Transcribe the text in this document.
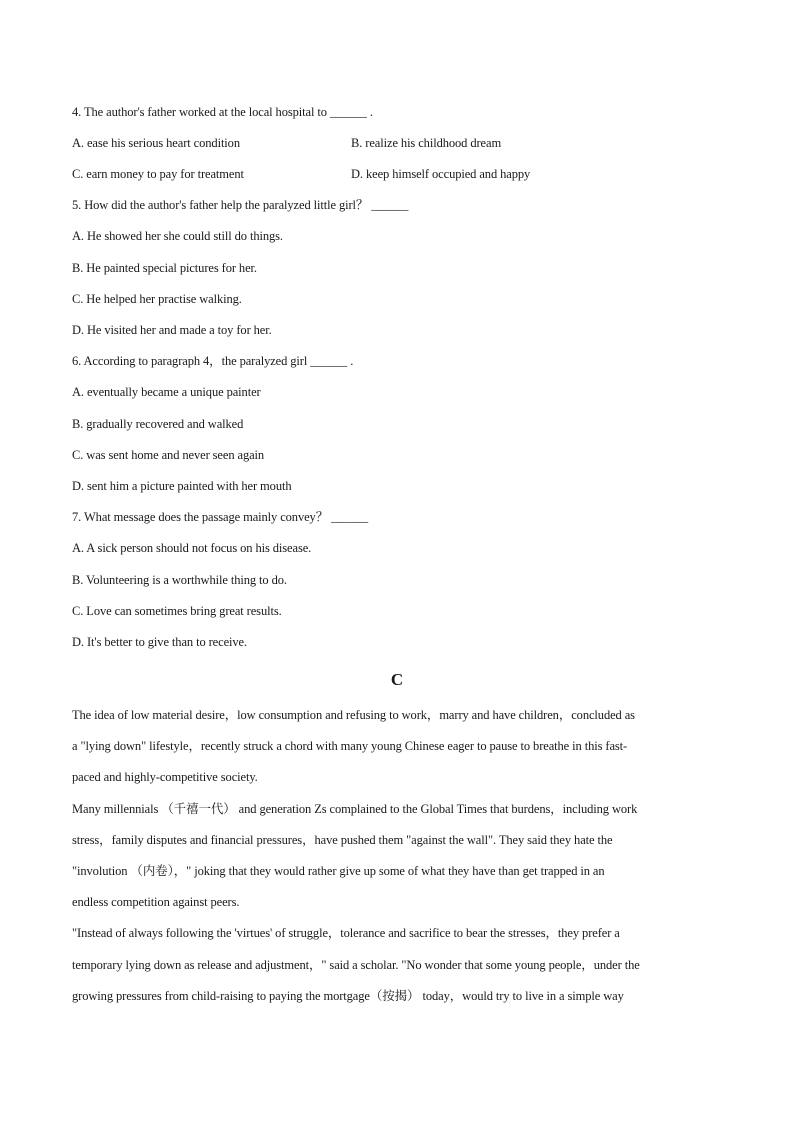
4. The author's father worked at the local hospital to ______ .
A. ease his serious heart condition	B. realize his childhood dream
C. earn money to pay for treatment	D. keep himself occupied and happy
5. How did the author's father help the paralyzed little girl？ ______
A. He showed her she could still do things.
B. He painted special pictures for her.
C. He helped her practise walking.
D. He visited her and made a toy for her.
6. According to paragraph 4，the paralyzed girl ______ .
A. eventually became a unique painter
B. gradually recovered and walked
C. was sent home and never seen again
D. sent him a picture painted with her mouth
7. What message does the passage mainly convey？ ______
A. A sick person should not focus on his disease.
B. Volunteering is a worthwhile thing to do.
C. Love can sometimes bring great results.
D. It's better to give than to receive.
C
The idea of low material desire，low consumption and refusing to work，marry and have children，concluded as
a "lying down" lifestyle，recently struck a chord with many young Chinese eager to pause to breathe in this fast-
paced and highly-competitive society.
Many millennials （千禧一代） and generation Zs complained to the Global Times that burdens，including work
stress，family disputes and financial pressures，have pushed them "against the wall". They said they hate the
"involution （内卷），" joking that they would rather give up some of what they have than get trapped in an
endless competition against peers.
"Instead of always following the 'virtues' of struggle，tolerance and sacrifice to bear the stresses，they prefer a
temporary lying down as release and adjustment，" said a scholar. "No wonder that some young people，under the
growing pressures from child-raising to paying the mortgage（按揭） today，would try to live in a simple way
